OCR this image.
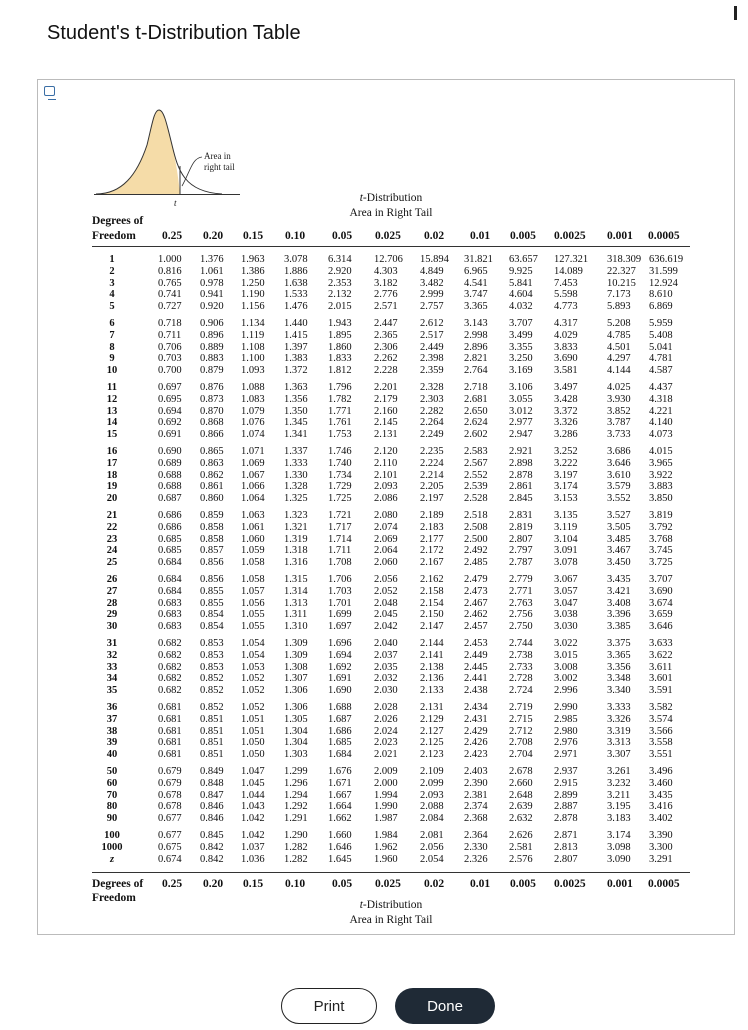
Student's t-Distribution Table
Area in
right tail
t	t-Distribution
Area in Right Tail
Degrees of
Freedom	0.25 0.20 0.15 0.10 0.05 0.025 0.02 0.01 0.005 0.0025 0.001 0.0005
1	1.000 1.376 1.963 3.078 6.314 12.706 15.894 31.821 63.657 127.321 318.309 636.619
2	0.816 1.061 1.386 1.886 2.920 4.303 4.849 6.965 9.925 14.089 22.327 31.599
3	0.765 0.978 1.250 1.638 2.353 3.182 3.482 4.541 5.841 7.453	10.215 12.924
4	0.741 0.941 1.190 1.533 2.132 2.776 2.999 3.747 4.604 5.598	7.173 8.610
5	0.727 0.920 1.156 1.476 2.015 2.571 2.757 3.365 4.032 4.773	5.893 6.869
6	0.718 0.906 1.134 1.440 1.943 2.447 2.612 3.143 3.707 4.317	5.208 5.959
7	0.711 0.896 1.119 1.415 1.895 2.365 2.517 2.998 3.499 4.029	4.785 5.408
8	0.706 0.889 1.108 1.397 1.860 2.306 2.449 2.896 3.355 3.833	4.501 5.041
9	0.703 0.883 1.100 1.383 1.833 2.262 2.398 2.821 3.250 3.690	4.297 4.781
10	0.700 0.879 1.093 1.372 1.812 2.228 2.359 2.764 3.169 3.581	4.144 4.587
11	0.697 0.876 1.088 1.363 1.796 2.201 2.328 2.718 3.106 3.497	4.025 4.437
12	0.695 0.873 1.083 1.356 1.782 2.179 2.303 2.681 3.055 3.428	3.930 4.318
13	0.694 0.870 1.079 1.350 1.771 2.160 2.282 2.650 3.012 3.372	3.852 4.221
14	0.692 0.868 1.076 1.345 1.761 2.145 2.264 2.624 2.977 3.326	3.787 4.140
15	0.691 0.866 1.074 1.341 1.753 2.131 2.249 2.602 2.947 3.286	3.733 4.073
16	0.690 0.865 1.071 1.337 1.746 2.120 2.235 2.583 2.921 3.252	3.686 4.015
17	0.689 0.863 1.069 1.333 1.740 2.110 2.224 2.567 2.898 3.222	3.646 3.965
18	0.688 0.862 1.067 1.330 1.734 2.101 2.214 2.552 2.878 3.197	3.610 3.922
19	0.688 0.861 1.066 1.328 1.729 2.093 2.205 2.539 2.861 3.174	3.579 3.883
20	0.687 0.860 1.064 1.325 1.725 2.086 2.197 2.528 2.845 3.153	3.552 3.850
21	0.686 0.859 1.063 1.323 1.721 2.080 2.189 2.518 2.831 3.135	3.527 3.819
22	0.686 0.858 1.061 1.321 1.717 2.074 2.183 2.508 2.819 3.119	3.505 3.792
23	0.685 0.858 1.060 1.319 1.714 2.069 2.177 2.500 2.807 3.104	3.485 3.768
24	0.685 0.857 1.059 1.318 1.711 2.064 2.172 2.492 2.797 3.091	3.467 3.745
25	0.684 0.856 1.058 1.316 1.708 2.060 2.167 2.485 2.787 3.078	3.450 3.725
26	0.684 0.856 1.058 1.315 1.706 2.056 2.162 2.479 2.779 3.067	3.435 3.707
27	0.684 0.855 1.057 1.314 1.703 2.052 2.158 2.473 2.771 3.057	3.421 3.690
28	0.683 0.855 1.056 1.313 1.701 2.048 2.154 2.467 2.763 3.047	3.408 3.674
29	0.683 0.854 1.055 1.311 1.699 2.045 2.150 2.462 2.756 3.038	3.396 3.659
30	0.683 0.854 1.055 1.310 1.697 2.042 2.147 2.457 2.750 3.030	3.385 3.646
31	0.682 0.853 1.054 1.309 1.696 2.040 2.144 2.453 2.744 3.022	3.375 3.633
32	0.682 0.853 1.054 1.309 1.694 2.037 2.141 2.449 2.738 3.015	3.365 3.622
33	0.682 0.853 1.053 1.308 1.692 2.035 2.138 2.445 2.733 3.008	3.356 3.611
34	0.682 0.852 1.052 1.307 1.691 2.032 2.136 2.441 2.728 3.002	3.348 3.601
35	0.682 0.852 1.052 1.306 1.690 2.030 2.133 2.438 2.724 2.996	3.340 3.591
36	0.681 0.852 1.052 1.306 1.688 2.028 2.131 2.434 2.719 2.990	3.333 3.582
37	0.681 0.851 1.051 1.305 1.687 2.026 2.129 2.431 2.715 2.985	3.326 3.574
38	0.681 0.851 1.051 1.304 1.686 2.024 2.127 2.429 2.712 2.980	3.319 3.566
39	0.681 0.851 1.050 1.304 1.685 2.023 2.125 2.426 2.708 2.976	3.313 3.558
40	0.681 0.851 1.050 1.303 1.684 2.021 2.123 2.423 2.704 2.971	3.307 3.551
50	0.679 0.849 1.047 1.299 1.676 2.009 2.109 2.403 2.678 2.937	3.261 3.496
60	0.679 0.848 1.045 1.296 1.671 2.000 2.099 2.390 2.660 2.915	3.232 3.460
70	0.678 0.847 1.044 1.294 1.667 1.994 2.093 2.381 2.648 2.899	3.211 3.435
80	0.678 0.846 1.043 1.292 1.664 1.990 2.088 2.374 2.639 2.887	3.195 3.416
90	0.677 0.846 1.042 1.291 1.662 1.987 2.084 2.368 2.632 2.878	3.183 3.402
100	0.677 0.845 1.042 1.290 1.660 1.984 2.081 2.364 2.626 2.871	3.174 3.390
1000	0.675 0.842 1.037 1.282 1.646 1.962 2.056 2.330 2.581 2.813	3.098 3.300
z	0.674 0.842 1.036 1.282 1.645 1.960 2.054 2.326 2.576 2.807	3.090 3.291
Degrees of
Freedom
0.25 0.20 0.15 0.10 0.05 0.025 0.02 0.01 0.005 0.0025 0.001 0.0005
t-Distribution
Area in Right Tail
Print	Done
